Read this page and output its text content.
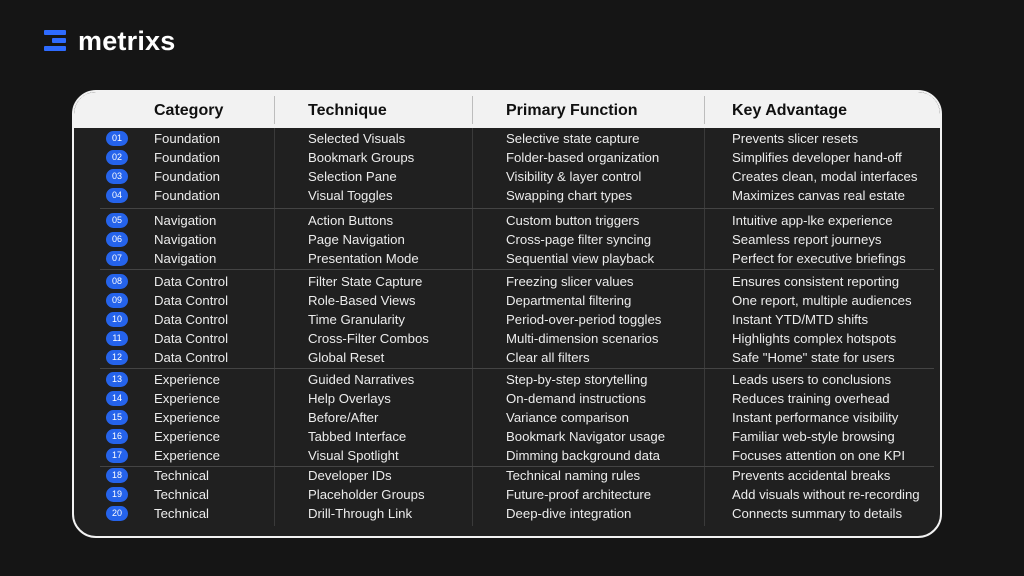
metrixs
Category	Technique	Primary Function	Key Advantage
01	Foundation	Selected Visuals	Selective state capture	Prevents slicer resets
02	Foundation	Bookmark Groups	Folder-based organization	Simplifies developer hand-off
03	Foundation	Selection Pane	Visibility & layer control	Creates clean, modal interfaces
04	Foundation	Visual Toggles	Swapping chart types	Maximizes canvas real estate
05	Navigation	Action Buttons	Custom button triggers	Intuitive app-lke experience
06	Navigation	Page Navigation	Cross-page filter syncing	Seamless report journeys
07	Navigation	Presentation Mode	Sequential view playback	Perfect for executive briefings
08	Data Control	Filter State Capture	Freezing slicer values	Ensures consistent reporting
09	Data Control	Role-Based Views	Departmental filtering	One report, multiple audiences
10	Data Control	Time Granularity	Period-over-period toggles	Instant YTD/MTD shifts
11	Data Control	Cross-Filter Combos	Multi-dimension scenarios	Highlights complex hotspots
12	Data Control	Global Reset	Clear all filters	Safe "Home" state for users
13	Experience	Guided Narratives	Step-by-step storytelling	Leads users to conclusions
14	Experience	Help Overlays	On-demand instructions	Reduces training overhead
15	Experience	Before/After	Variance comparison	Instant performance visibility
16	Experience	Tabbed Interface	Bookmark Navigator usage	Familiar web-style browsing
17	Experience	Visual Spotlight	Dimming background data	Focuses attention on one KPI
18	Technical	Developer IDs	Technical naming rules	Prevents accidental breaks
19	Technical	Placeholder Groups	Future-proof architecture	Add visuals without re-recording
20	Technical	Drill-Through Link	Deep-dive integration	Connects summary to details
